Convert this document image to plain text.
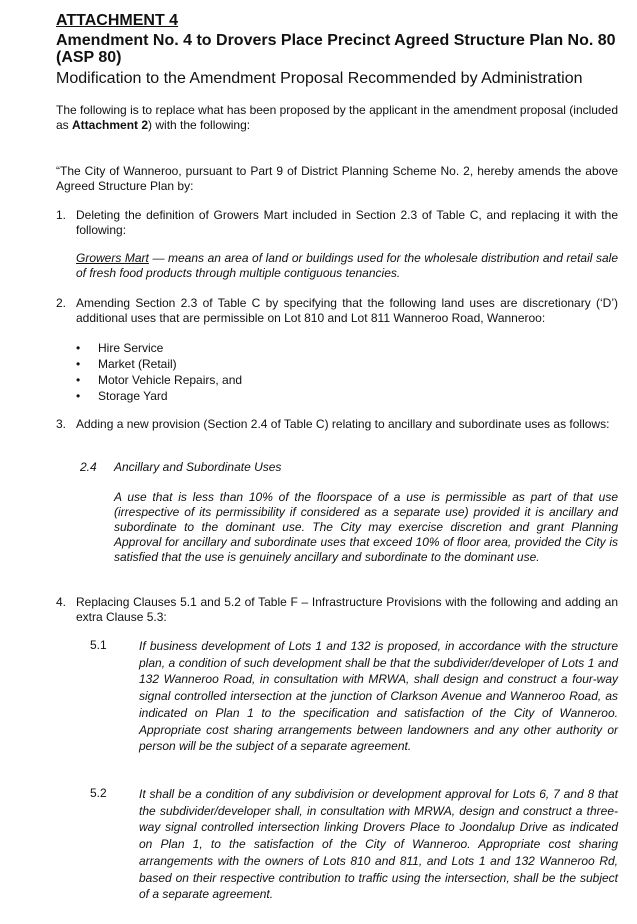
ATTACHMENT 4

Amendment No. 4 to Drovers Place Precinct Agreed Structure Plan No. 80 (ASP 80)

Modification to the Amendment Proposal Recommended by Administration

The following is to replace what has been proposed by the applicant in the amendment proposal (included as Attachment 2) with the following:

“The City of Wanneroo, pursuant to Part 9 of District Planning Scheme No. 2, hereby amends the above Agreed Structure Plan by:

1. Deleting the definition of Growers Mart included in Section 2.3 of Table C, and replacing it with the following:

Growers Mart — means an area of land or buildings used for the wholesale distribution and retail sale of fresh food products through multiple contiguous tenancies.

2. Amending Section 2.3 of Table C by specifying that the following land uses are discretionary (‘D’) additional uses that are permissible on Lot 810 and Lot 811 Wanneroo Road, Wanneroo:

• Hire Service
• Market (Retail)
• Motor Vehicle Repairs, and
• Storage Yard
3. Adding a new provision (Section 2.4 of Table C) relating to ancillary and subordinate uses as follows:

2.4 Ancillary and Subordinate Uses

A use that is less than 10% of the floorspace of a use is permissible as part of that use (irrespective of its permissibility if considered as a separate use) provided it is ancillary and subordinate to the dominant use. The City may exercise discretion and grant Planning Approval for ancillary and subordinate uses that exceed 10% of floor area, provided the City is satisfied that the use is genuinely ancillary and subordinate to the dominant use.

4. Replacing Clauses 5.1 and 5.2 of Table F – Infrastructure Provisions with the following and adding an extra Clause 5.3:

5.1	If business development of Lots 1 and 132 is proposed, in accordance with the structure plan, a condition of such development shall be that the subdivider/developer of Lots 1 and 132 Wanneroo Road, in consultation with MRWA, shall design and construct a four-way signal controlled intersection at the junction of Clarkson Avenue and Wanneroo Road, as indicated on Plan 1 to the specification and satisfaction of the City of Wanneroo. Appropriate cost sharing arrangements between landowners and any other authority or person will be the subject of a separate agreement.

5.2	It shall be a condition of any subdivision or development approval for Lots 6, 7 and 8 that the subdivider/developer shall, in consultation with MRWA, design and construct a three-way signal controlled intersection linking Drovers Place to Joondalup Drive as indicated on Plan 1, to the satisfaction of the City of Wanneroo. Appropriate cost sharing arrangements with the owners of Lots 810 and 811, and Lots 1 and 132 Wanneroo Rd, based on their respective contribution to traffic using the intersection, shall be the subject of a separate agreement.
